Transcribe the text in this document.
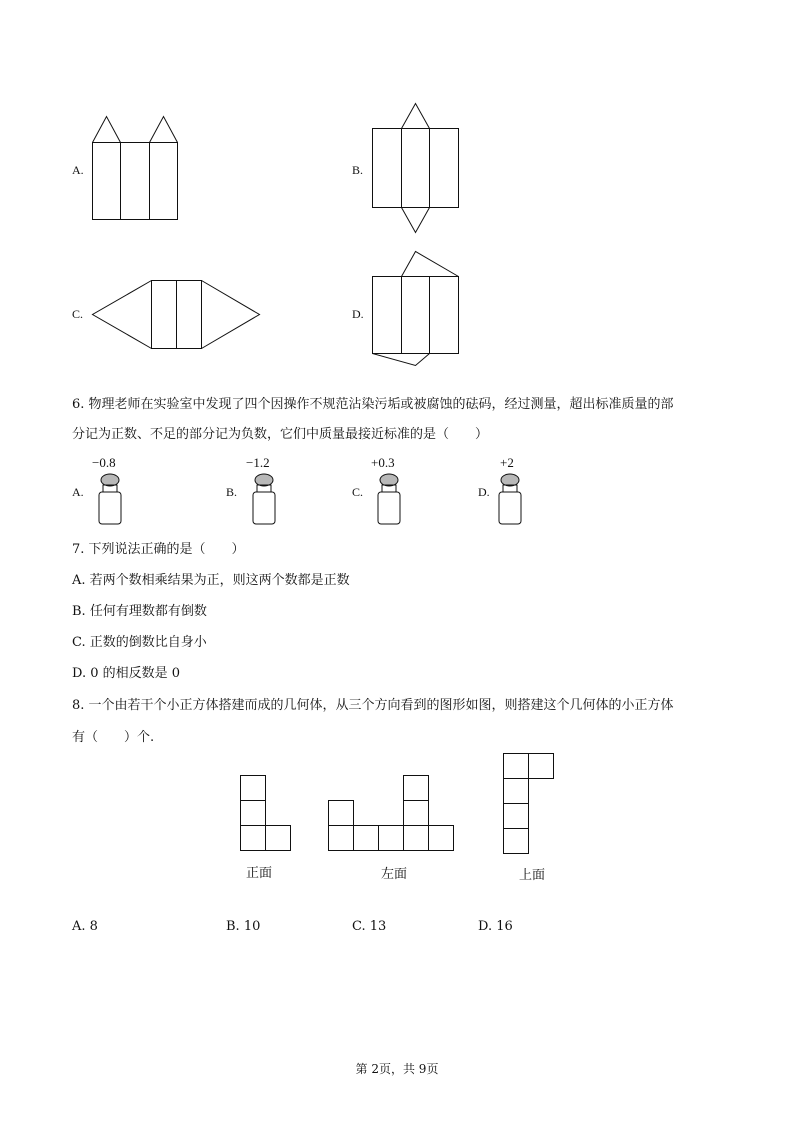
A.	B.
C.	D.
6. 物理老师在实验室中发现了四个因操作不规范沾染污垢或被腐蚀的砝码，经过测量，超出标准质量的部
分记为正数、不足的部分记为负数，它们中质量最接近标准的是（　　）
−0.8
A.
−1.2
B.
+0.3
C.
+2
D.
7. 下列说法正确的是（　　）
A. 若两个数相乘结果为正，则这两个数都是正数
B. 任何有理数都有倒数
C. 正数的倒数比自身小
D. 0 的相反数是 0
8. 一个由若干个小正方体搭建而成的几何体，从三个方向看到的图形如图，则搭建这个几何体的小正方体
有（　　）个.
正面	左面	上面
A. 8	B. 10	C. 13	D. 16
第 2页，共 9页
